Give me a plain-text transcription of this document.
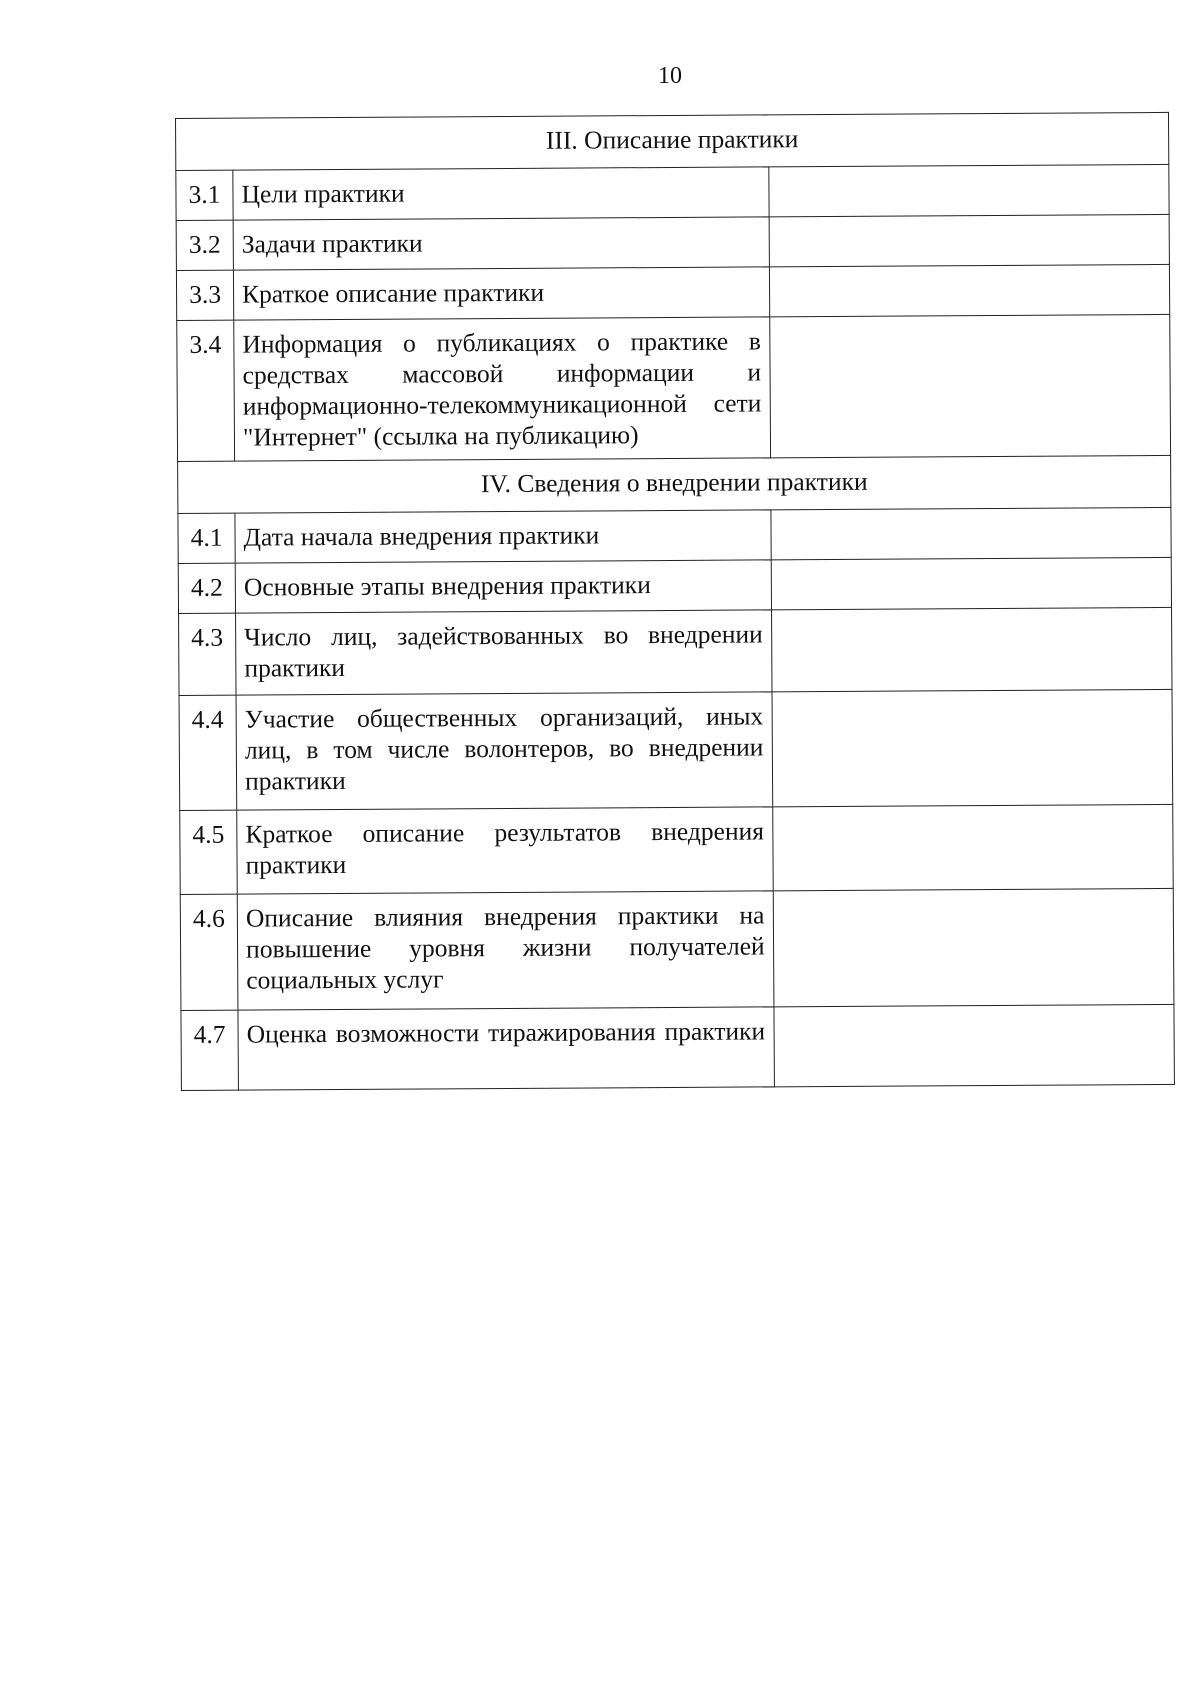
10
III. Описание практики		
3.1	Цели практики	
3.2	Задачи практики	
3.3	Краткое описание практики	
3.4	Информация о публикациях о практике в средствах массовой информации и информационно-телекоммуникационной сети "Интернет" (ссылка на публикацию)	
IV. Сведения о внедрении практики		
4.1	Дата начала внедрения практики	
4.2	Основные этапы внедрения практики	
4.3	Число лиц, задействованных во внедрении практики	
4.4	Участие общественных организаций, иных лиц, в том числе волонтеров, во внедрении практики	
4.5	Краткое описание результатов внедрения практики	
4.6	Описание влияния внедрения практики на повышение уровня жизни получателей социальных услуг	
4.7	Оценка возможности тиражирования практики	
